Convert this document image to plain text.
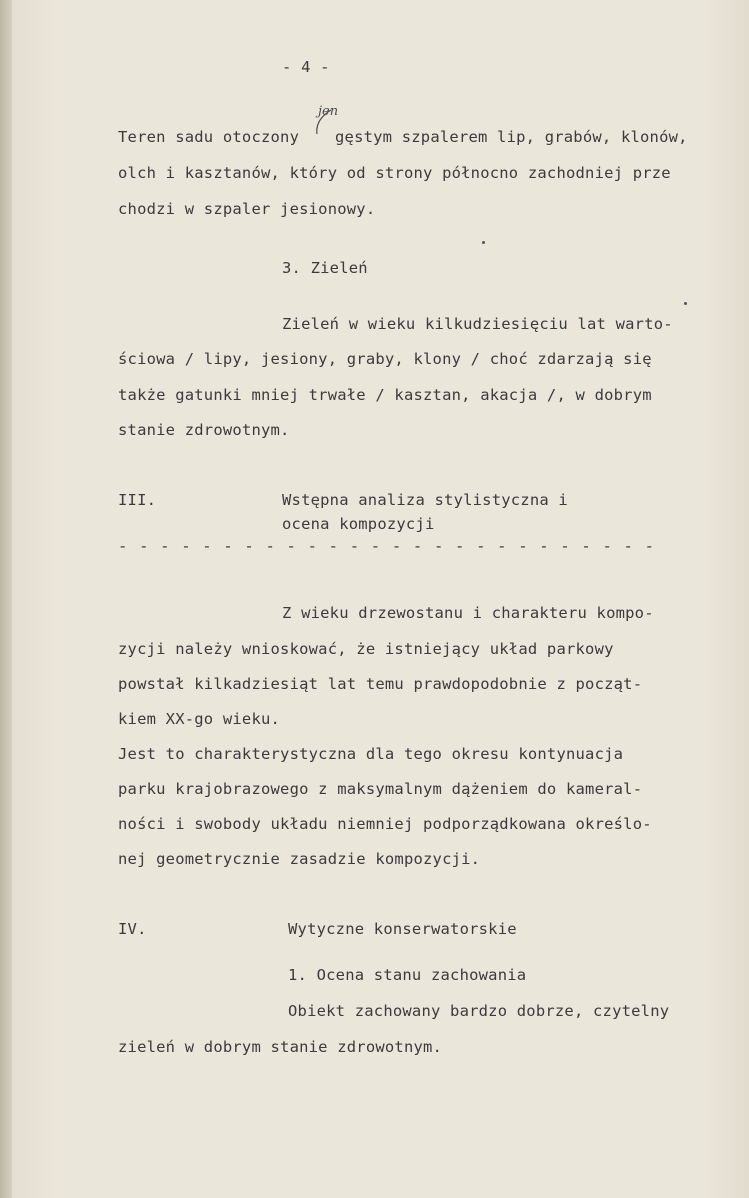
- 4 -
jen
Teren sadu otoczony gęstym szpalerem lip, grabów, klonów,
olch i kasztanów, który od strony północno zachodniej prze
chodzi w szpaler jesionowy.
3. Zieleń
Zieleń w wieku kilkudziesięciu lat warto-
ściowa / lipy, jesiony, graby, klony / choć zdarzają się
także gatunki mniej trwałe / kasztan, akacja /, w dobrym
stanie zdrowotnym.
III.	Wstępna analiza stylistyczna i
ocena kompozycji
- - - - - - - - - - - - - - - - - - - - - - - - - -
Z wieku drzewostanu i charakteru kompo-
zycji należy wnioskować, że istniejący układ parkowy
powstał kilkadziesiąt lat temu prawdopodobnie z począt-
kiem XX-go wieku.
Jest to charakterystyczna dla tego okresu kontynuacja
parku krajobrazowego z maksymalnym dążeniem do kameral-
ności i swobody układu niemniej podporządkowana określo-
nej geometrycznie zasadzie kompozycji.
IV.	Wytyczne konserwatorskie
1. Ocena stanu zachowania
Obiekt zachowany bardzo dobrze, czytelny
zieleń w dobrym stanie zdrowotnym.
